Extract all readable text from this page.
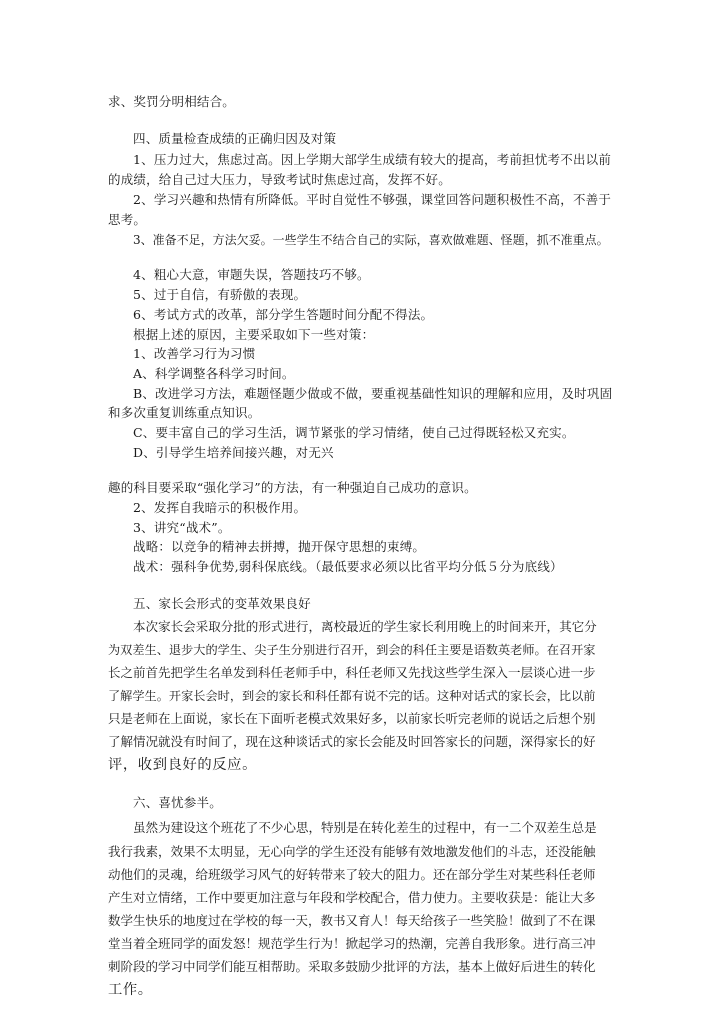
求、奖罚分明相结合。
四、质量检查成绩的正确归因及对策
1、压力过大，焦虑过高。因上学期大部学生成绩有较大的提高，考前担忧考不出以前
的成绩，给自己过大压力，导致考试时焦虑过高，发挥不好。
2、学习兴趣和热情有所降低。平时自觉性不够强，课堂回答问题积极性不高，不善于
思考。
3、准备不足，方法欠妥。一些学生不结合自己的实际，喜欢做难题、怪题，抓不准重点。
4、粗心大意，审题失误，答题技巧不够。
5、过于自信，有骄傲的表现。
6、考试方式的改革，部分学生答题时间分配不得法。
根据上述的原因，主要采取如下一些对策：
1、改善学习行为习惯
A、科学调整各科学习时间。
B、改进学习方法，难题怪题少做或不做，要重视基础性知识的理解和应用，及时巩固
和多次重复训练重点知识。
C、要丰富自己的学习生活，调节紧张的学习情绪，使自己过得既轻松又充实。
D、引导学生培养间接兴趣，对无兴
趣的科目要采取“强化学习”的方法，有一种强迫自己成功的意识。
2、发挥自我暗示的积极作用。
3、讲究“战术”。
战略：以竞争的精神去拼搏，抛开保守思想的束缚。
战术：强科争优势,弱科保底线。（最低要求必须以比省平均分低５分为底线）
五、家长会形式的变革效果良好
本次家长会采取分批的形式进行，离校最近的学生家长利用晚上的时间来开，其它分
为双差生、退步大的学生、尖子生分别进行召开，到会的科任主要是语数英老师。在召开家
长之前首先把学生名单发到科任老师手中，科任老师又先找这些学生深入一层谈心进一步
了解学生。开家长会时，到会的家长和科任都有说不完的话。这种对话式的家长会，比以前
只是老师在上面说，家长在下面听老模式效果好多，以前家长听完老师的说话之后想个别
了解情况就没有时间了，现在这种谈话式的家长会能及时回答家长的问题，深得家长的好
评，收到良好的反应。
六、喜忧参半。
虽然为建设这个班花了不少心思，特别是在转化差生的过程中，有一二个双差生总是
我行我素，效果不太明显，无心向学的学生还没有能够有效地激发他们的斗志，还没能触
动他们的灵魂，给班级学习风气的好转带来了较大的阻力。还在部分学生对某些科任老师
产生对立情绪，工作中要更加注意与年段和学校配合，借力使力。主要收获是：能让大多
数学生快乐的地度过在学校的每一天，教书又育人！每天给孩子一些笑脸！做到了不在课
堂当着全班同学的面发怒！规范学生行为！掀起学习的热潮，完善自我形象。进行高三冲
刺阶段的学习中同学们能互相帮助。采取多鼓励少批评的方法，基本上做好后进生的转化
工作。
